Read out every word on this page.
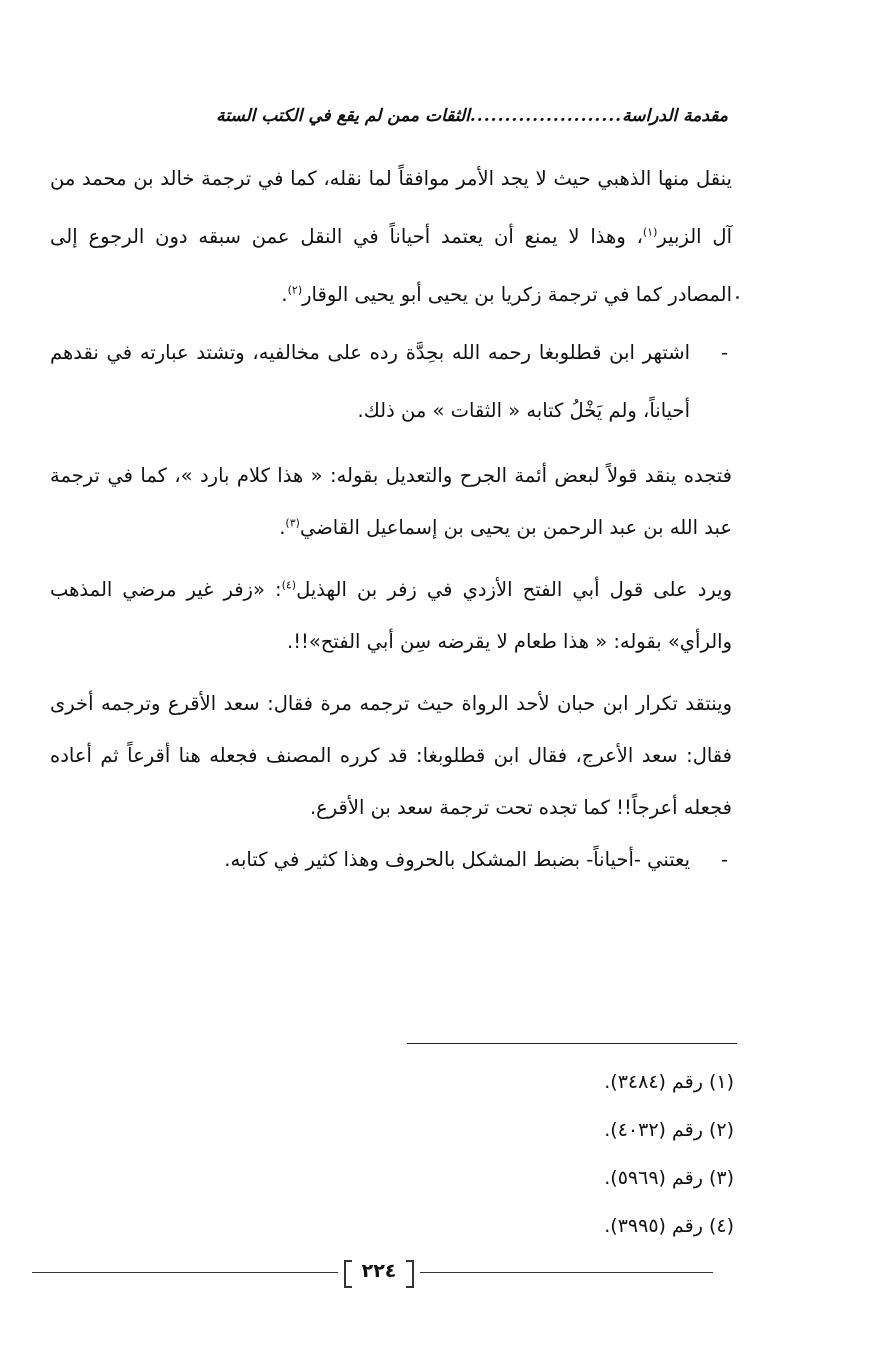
مقدمة الدراسة......................الثقات ممن لم يقع في الكتب الستة

ينقل منها الذهبي حيث لا يجد الأمر موافقاً لما نقله، كما في ترجمة خالد بن محمد من آل الزبير$^{(١)}$، وهذا لا يمنع أن يعتمد أحياناً في النقل عمن سبقه دون الرجوع إلى المصادر كما في ترجمة زكريا بن يحيى أبو يحيى الوقار$^{(٢)}$.

-
اشتهر ابن قطلوبغا رحمه الله بحِدَّة رده على مخالفيه، وتشتد عبارته في نقدهم أحياناً، ولم يَخْلُ كتابه « الثقات » من ذلك.

فتجده ينقد قولاً لبعض أئمة الجرح والتعديل بقوله: « هذا كلام بارد »، كما في ترجمة عبد الله بن عبد الرحمن بن يحيى بن إسماعيل القاضي$^{(٣)}$.

ويرد على قول أبي الفتح الأزدي في زفر بن الهذيل$^{(٤)}$: «زفر غير مرضي المذهب والرأي» بقوله: « هذا طعام لا يقرضه سِن أبي الفتح»!!.

وينتقد تكرار ابن حبان لأحد الرواة حيث ترجمه مرة فقال: سعد الأقرع وترجمه أخرى فقال: سعد الأعرج، فقال ابن قطلوبغا: قد كرره المصنف فجعله هنا أقرعاً ثم أعاده فجعله أعرجاً!! كما تجده تحت ترجمة سعد بن الأقرع.

-
يعتني -أحياناً- بضبط المشكل بالحروف وهذا كثير في كتابه.

(١) رقم (٣٤٨٤).
(٢) رقم (٤٠٣٢).
(٣) رقم (٥٩٦٩).
(٤) رقم (٣٩٩٥).
٢٢٤
